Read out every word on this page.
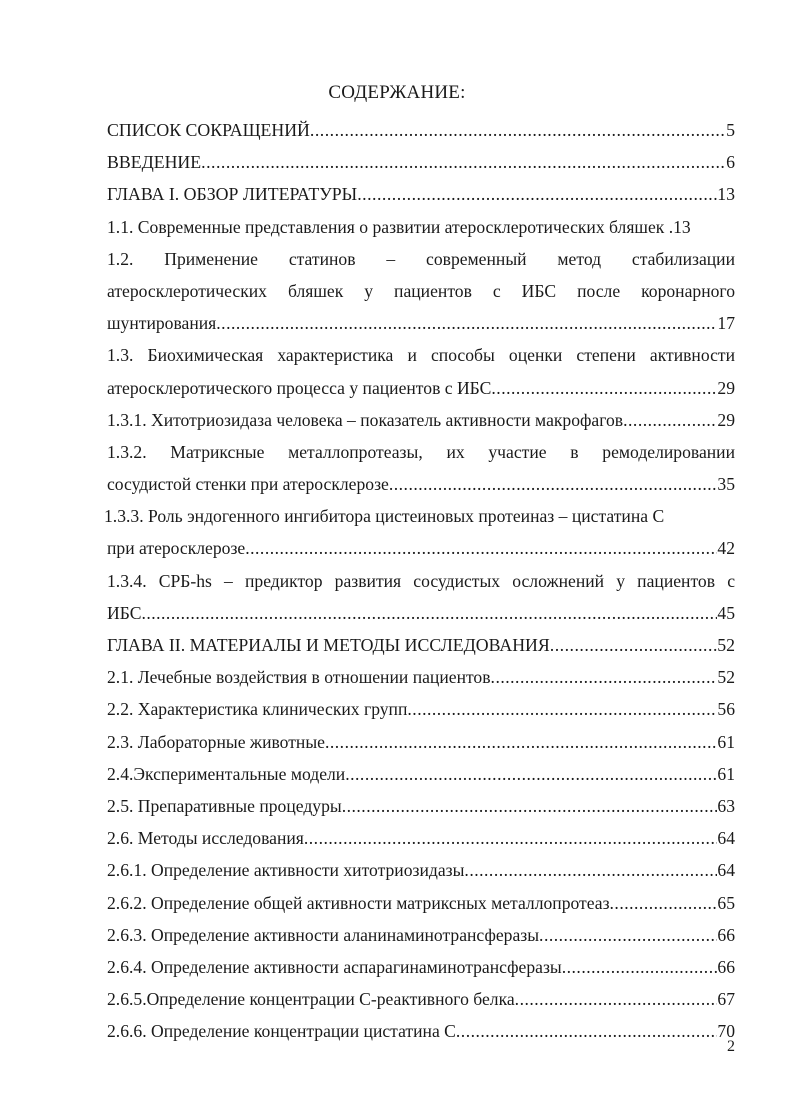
СОДЕРЖАНИЕ:
СПИСОК СОКРАЩЕНИЙ .....	5
ВВЕДЕНИЕ .....	6
ГЛАВА I. ОБЗОР ЛИТЕРАТУРЫ .....	13
1.1. Современные представления о развитии атеросклеротических бляшек .13
1.2. Применение статинов – современный метод стабилизации
атеросклеротических бляшек у пациентов с ИБС после коронарного
шунтирования .....	17
1.3. Биохимическая характеристика и способы оценки степени активности
атеросклеротического процесса у пациентов с ИБС .....	29
1.3.1. Хитотриозидаза человека – показатель активности макрофагов .....	29
1.3.2. Матриксные металлопротеазы, их участие в ремоделировании
сосудистой стенки при атеросклерозе .....	35
1.3.3. Роль эндогенного ингибитора цистеиновых протеиназ – цистатина С
при атеросклерозе .....	42
1.3.4. СРБ-hs – предиктор развития сосудистых осложнений у пациентов с
ИБС .....	45
ГЛАВА II. МАТЕРИАЛЫ И МЕТОДЫ ИССЛЕДОВАНИЯ .....	52
2.1. Лечебные воздействия в отношении пациентов .....	52
2.2. Характеристика клинических групп .....	56
2.3. Лабораторные животные .....	61
2.4.Экспериментальные модели .....	61
2.5. Препаративные процедуры .....	63
2.6. Методы исследования .....	64
2.6.1. Определение активности хитотриозидазы .....	64
2.6.2. Определение общей активности матриксных металлопротеаз .....	65
2.6.3. Определение активности аланинаминотрансферазы .....	66
2.6.4. Определение активности аспарагинаминотрансферазы .....	66
2.6.5.Определение концентрации С-реактивного белка .....	67
2.6.6. Определение концентрации цистатина С .....	70
2
